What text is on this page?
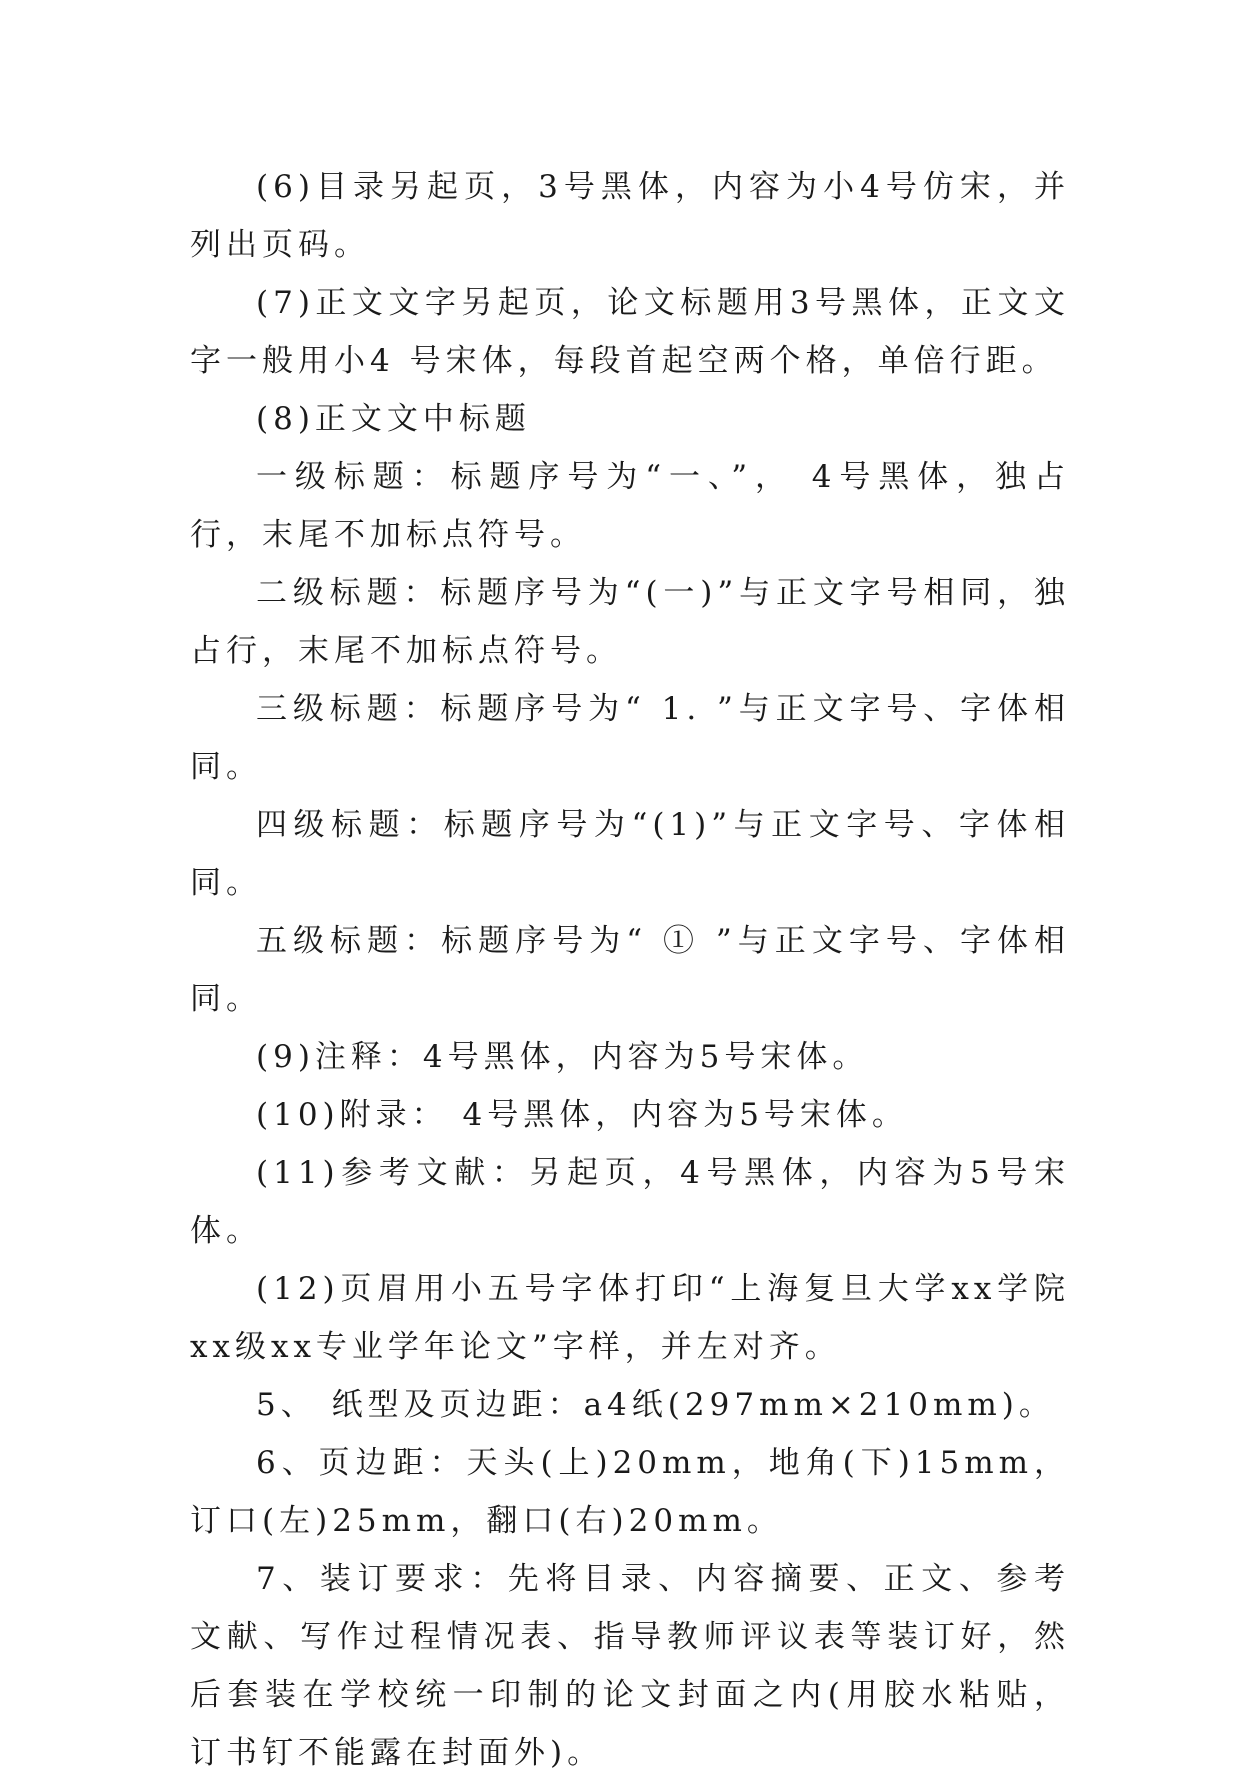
(6)目录另起页，3号黑体，内容为小4号仿宋，并列出页码。

(7)正文文字另起页，论文标题用3号黑体，正文文字一般用小4 号宋体，每段首起空两个格，单倍行距。

(8)正文文中标题

一级标题：标题序号为“一、”， 4号黑体，独占行，末尾不加标点符号。

二级标题：标题序号为“(一)”与正文字号相同，独占行，末尾不加标点符号。

三级标题：标题序号为“ 1. ”与正文字号、字体相同。

四级标题：标题序号为“(1)”与正文字号、字体相同。

五级标题：标题序号为“ ① ”与正文字号、字体相同。

(9)注释：4号黑体，内容为5号宋体。

(10)附录： 4号黑体，内容为5号宋体。

(11)参考文献：另起页，4号黑体，内容为5号宋体。

(12)页眉用小五号字体打印“上海复旦大学xx学院xx级xx专业学年论文”字样，并左对齐。

5、 纸型及页边距：a4纸(297mm×210mm)。

6、页边距：天头(上)20mm，地角(下)15mm，订口(左)25mm，翻口(右)20mm。

7、装订要求：先将目录、内容摘要、正文、参考文献、写作过程情况表、指导教师评议表等装订好，然后套装在学校统一印制的论文封面之内(用胶水粘贴，订书钉不能露在封面外)。
